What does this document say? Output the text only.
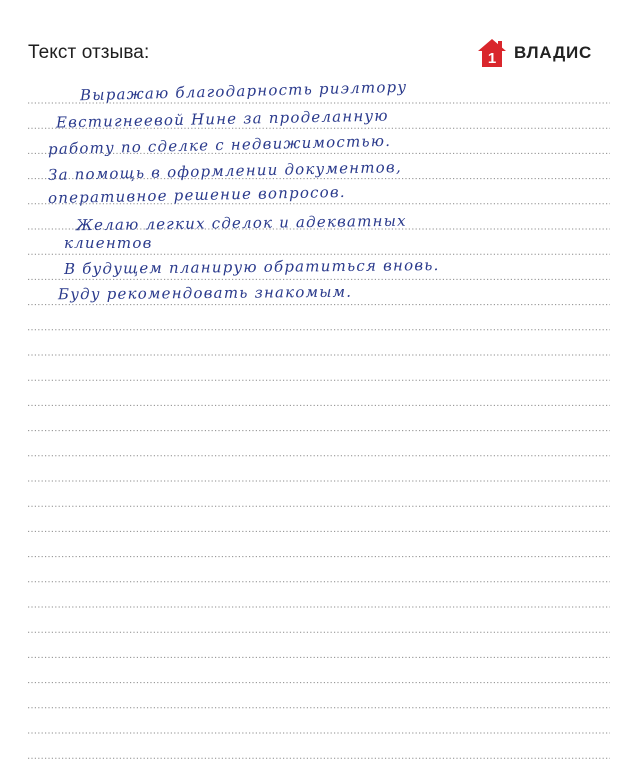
Текст отзыва:	1 ВЛАДИС
Выражаю благодарность риэлтору
Евстигнеевой Нине за проделанную
работу по сделке с недвижимостью.
За помощь в оформлении документов,
оперативное решение вопросов.
Желаю легких сделок и адекватных
клиентов
В будущем планирую обратиться вновь.
Буду рекомендовать знакомым.
